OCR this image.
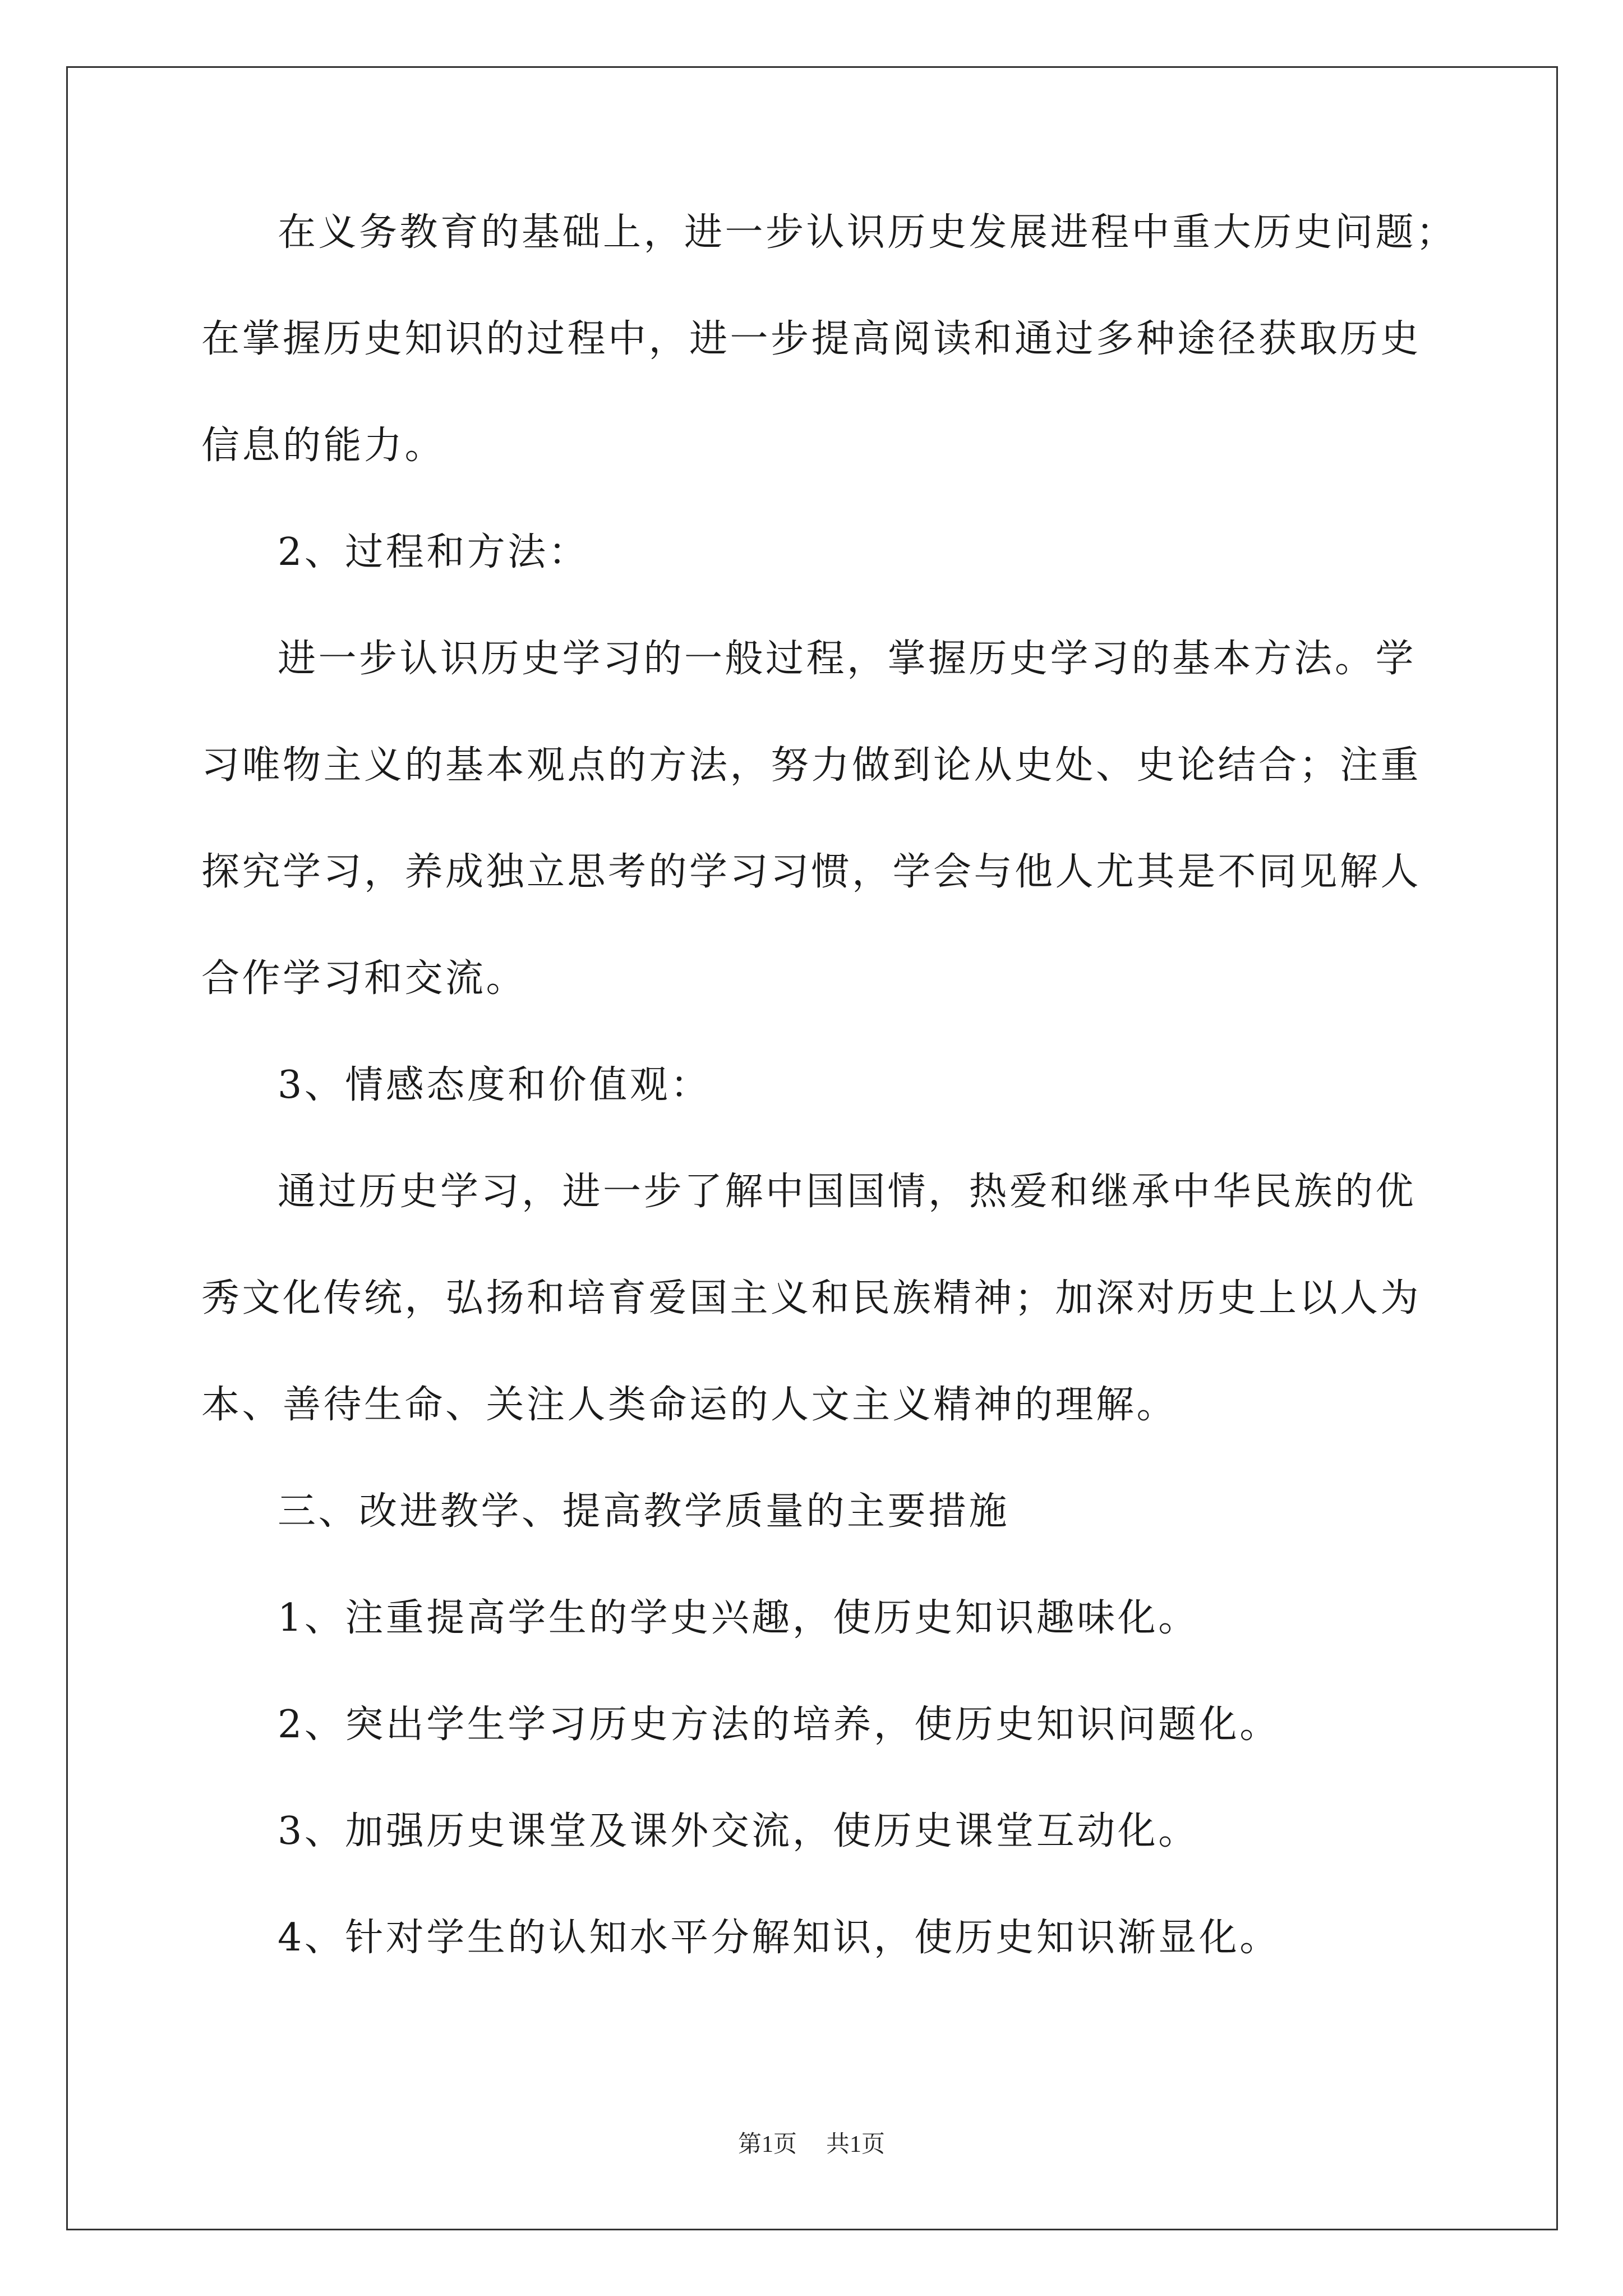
在义务教育的基础上，进一步认识历史发展进程中重大历史问题；
在掌握历史知识的过程中，进一步提高阅读和通过多种途径获取历史
信息的能力。
2、过程和方法：
进一步认识历史学习的一般过程，掌握历史学习的基本方法。学
习唯物主义的基本观点的方法，努力做到论从史处、史论结合；注重
探究学习，养成独立思考的学习习惯，学会与他人尤其是不同见解人
合作学习和交流。
3、情感态度和价值观：
通过历史学习，进一步了解中国国情，热爱和继承中华民族的优
秀文化传统，弘扬和培育爱国主义和民族精神；加深对历史上以人为
本、善待生命、关注人类命运的人文主义精神的理解。
三、改进教学、提高教学质量的主要措施
1、注重提高学生的学史兴趣，使历史知识趣味化。
2、突出学生学习历史方法的培养，使历史知识问题化。
3、加强历史课堂及课外交流，使历史课堂互动化。
4、针对学生的认知水平分解知识，使历史知识渐显化。
第1页 共1页
